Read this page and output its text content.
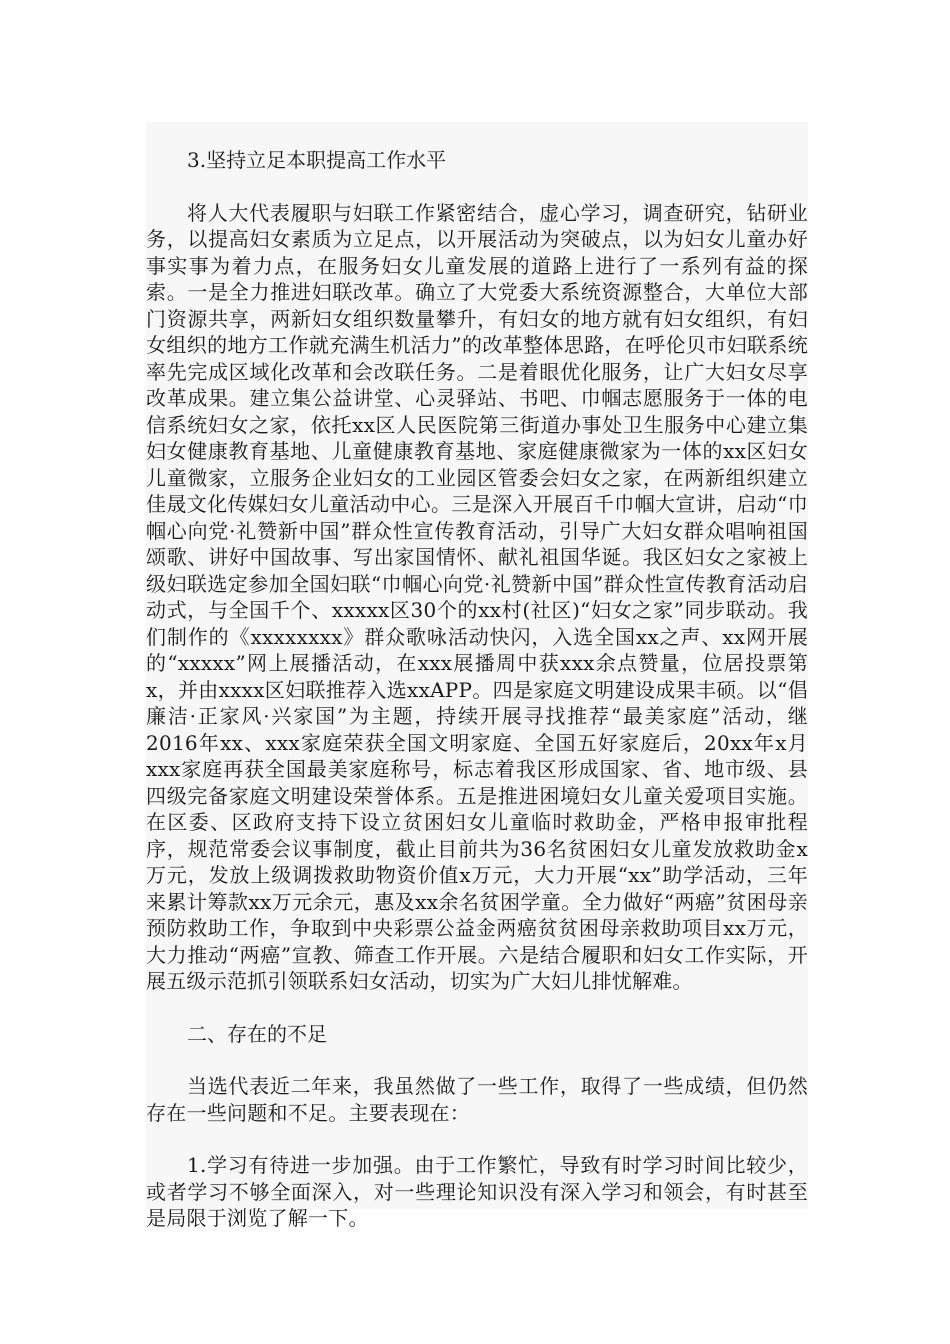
3.坚持立足本职提高工作水平

将人大代表履职与妇联工作紧密结合，虚心学习，调查研究，钻研业务，以提高妇女素质为立足点，以开展活动为突破点，以为妇女儿童办好事实事为着力点，在服务妇女儿童发展的道路上进行了一系列有益的探索。一是全力推进妇联改革。确立了大党委大系统资源整合，大单位大部门资源共享，两新妇女组织数量攀升，有妇女的地方就有妇女组织，有妇女组织的地方工作就充满生机活力”的改革整体思路，在呼伦贝市妇联系统率先完成区域化改革和会改联任务。二是着眼优化服务，让广大妇女尽享改革成果。建立集公益讲堂、心灵驿站、书吧、巾帼志愿服务于一体的电信系统妇女之家，依托xx区人民医院第三街道办事处卫生服务中心建立集妇女健康教育基地、儿童健康教育基地、家庭健康微家为一体的xx区妇女儿童微家，立服务企业妇女的工业园区管委会妇女之家，在两新组织建立佳晟文化传媒妇女儿童活动中心。三是深入开展百千巾帼大宣讲，启动“巾帼心向党·礼赞新中国”群众性宣传教育活动，引导广大妇女群众唱响祖国颂歌、讲好中国故事、写出家国情怀、献礼祖国华诞。我区妇女之家被上级妇联选定参加全国妇联“巾帼心向党·礼赞新中国”群众性宣传教育活动启动式，与全国千个、xxxxx区30个的xx村(社区)“妇女之家”同步联动。我们制作的《xxxxxxxx》群众歌咏活动快闪，入选全国xx之声、xx网开展的“xxxxx”网上展播活动，在xxx展播周中获xxx余点赞量，位居投票第x，并由xxxx区妇联推荐入选xxAPP。四是家庭文明建设成果丰硕。以“倡廉洁·正家风·兴家国”为主题，持续开展寻找推荐“最美家庭”活动，继2016年xx、xxx家庭荣获全国文明家庭、全国五好家庭后，20xx年x月xxx家庭再获全国最美家庭称号，标志着我区形成国家、省、地市级、县四级完备家庭文明建设荣誉体系。五是推进困境妇女儿童关爱项目实施。在区委、区政府支持下设立贫困妇女儿童临时救助金，严格申报审批程序，规范常委会议事制度，截止目前共为36名贫困妇女儿童发放救助金x万元，发放上级调拨救助物资价值x万元，大力开展“xx”助学活动，三年来累计筹款xx万元余元，惠及xx余名贫困学童。全力做好“两癌”贫困母亲预防救助工作，争取到中央彩票公益金两癌贫贫困母亲救助项目xx万元，大力推动“两癌”宣教、筛查工作开展。六是结合履职和妇女工作实际，开展五级示范抓引领联系妇女活动，切实为广大妇儿排忧解难。

二、存在的不足

当选代表近二年来，我虽然做了一些工作，取得了一些成绩，但仍然存在一些问题和不足。主要表现在：

1.学习有待进一步加强。由于工作繁忙，导致有时学习时间比较少，或者学习不够全面深入，对一些理论知识没有深入学习和领会，有时甚至是局限于浏览了解一下。
